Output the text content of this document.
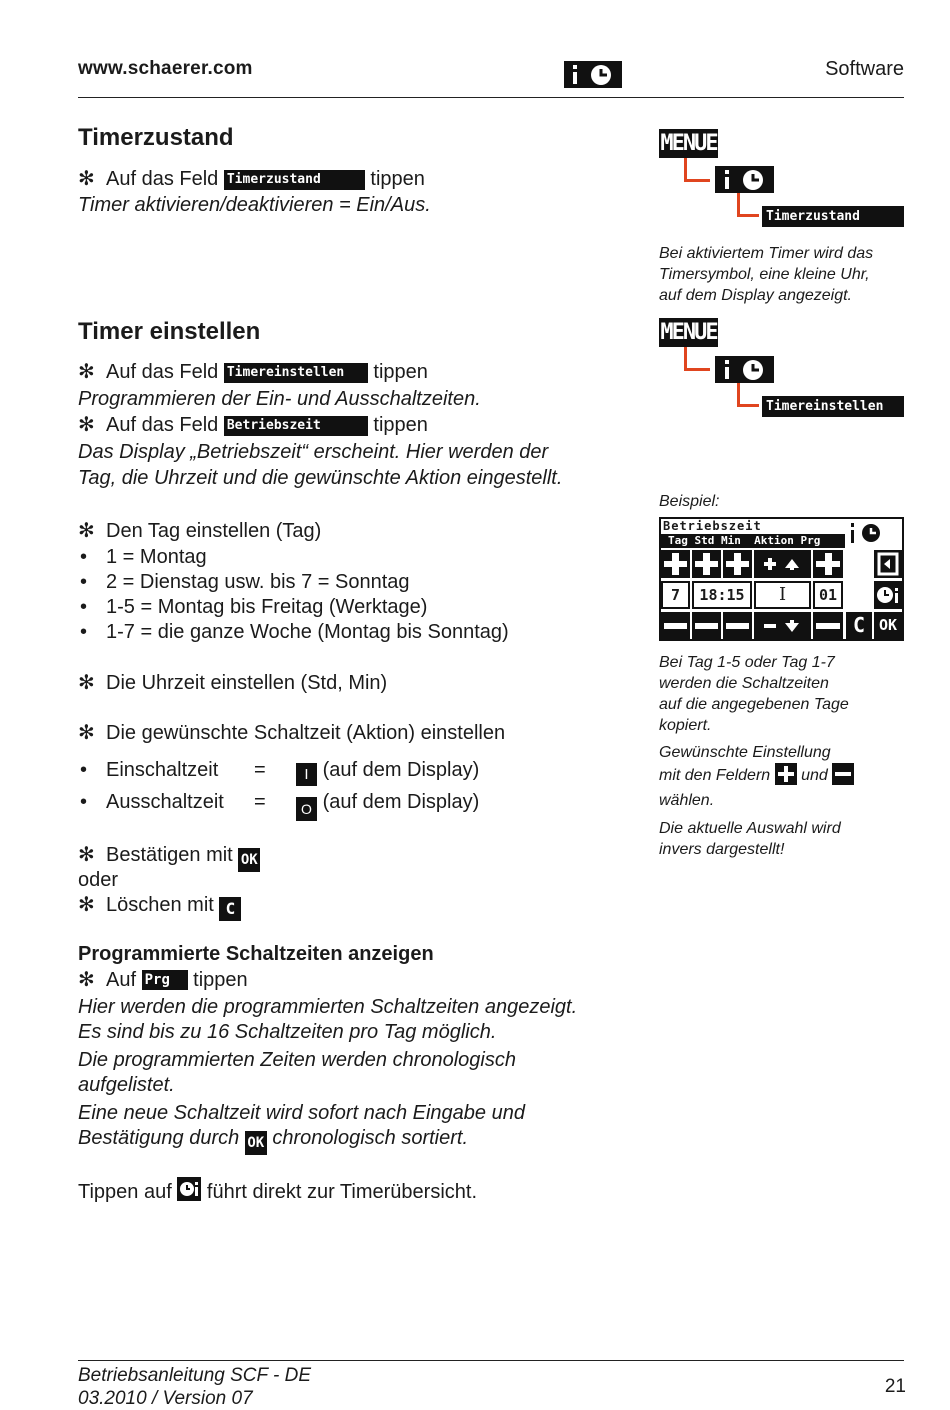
www.schaerer.com	Software
Timerzustand
✻ Auf das Feld Timerzustand tippen
Timer aktivieren/deaktivieren = Ein/Aus.
MENUE
Timerzustand
Bei aktiviertem Timer wird das
Timersymbol, eine kleine Uhr,
auf dem Display angezeigt.
Timer einstellen
✻ Auf das Feld Timereinstellen tippen
Programmieren der Ein- und Ausschaltzeiten.
✻ Auf das Feld Betriebszeit	tippen
Das Display „Betriebszeit“ erscheint. Hier werden der
Tag, die Uhrzeit und die gewünschte Aktion eingestellt.
✻ Den Tag einstellen (Tag)
• 1 = Montag
• 2 = Dienstag usw. bis 7 = Sonntag
• 1-5 = Montag bis Freitag (Werktage)
• 1-7 = die ganze Woche (Montag bis Sonntag)
✻ Die Uhrzeit einstellen (Std, Min)
✻ Die gewünschte Schaltzeit (Aktion) einstellen
• Einschaltzeit =	I (auf dem Display)
• Ausschaltzeit =	O (auf dem Display)
✻ Bestätigen mit OK
oder
✻ Löschen mit C
MENUE
Timereinstellen
Beispiel:
Betriebszeit
Tag Std Min  Aktion Prg
7	18:15	I	01
C OK
Bei Tag 1-5 oder Tag 1-7
werden die Schaltzeiten
auf die angegebenen Tage
kopiert.
Gewünschte Einstellung
mit den Feldern und
wählen.
Die aktuelle Auswahl wird
invers dargestellt!
Programmierte Schaltzeiten anzeigen
✻ Auf Prg tippen
Hier werden die programmierten Schaltzeiten angezeigt.
Es sind bis zu 16 Schaltzeiten pro Tag möglich.
Die programmierten Zeiten werden chronologisch
aufgelistet.
Eine neue Schaltzeit wird sofort nach Eingabe und
Bestätigung durch OK chronologisch sortiert.
Tippen auf führt direkt zur Timerübersicht.
Betriebsanleitung SCF - DE
03.2010 / Version 07
21
